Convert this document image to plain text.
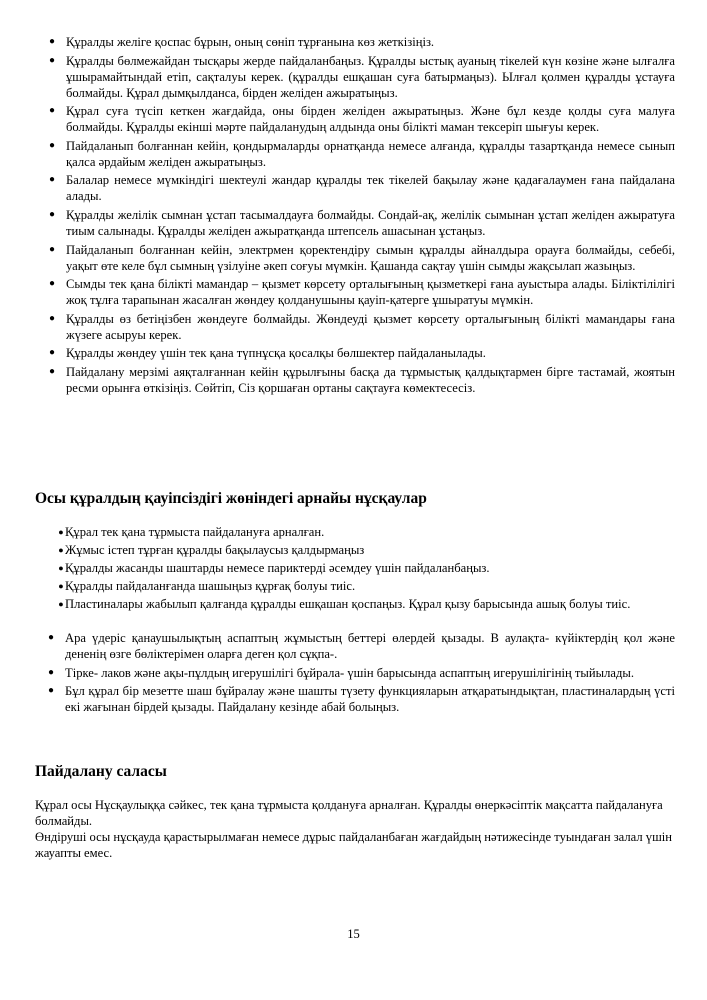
● Құралды желіге қоспас бұрын, оның сөніп тұрғанына көз жеткізіңіз.
● Құралды бөлмежайдан тысқары жерде пайдаланбаңыз. Құралды ыстық ауаның тікелей күн көзіне және ылғалға ұшырамайтындай етіп, сақталуы керек. (құралды ешқашан суға батырмаңыз). Ылғал қолмен құралды ұстауға болмайды. Құрал дымқылданса, бірден желіден ажыратыңыз.
● Құрал суға түсіп кеткен жағдайда, оны бірден желіден ажыратыңыз. Және бұл кезде қолды суға малуға болмайды. Құралды екінші мәрте пайдаланудың алдында оны білікті маман тексеріп шығуы керек.
● Пайдаланып болғаннан кейін, қондырмаларды орнатқанда немесе алғанда, құралды тазартқанда немесе сынып қалса әрдайым желіден ажыратыңыз.
● Балалар немесе мүмкіндігі шектеулі жандар құралды тек тікелей бақылау және қадағалаумен ғана пайдалана алады.
● Құралды желілік сымнан ұстап тасымалдауға болмайды. Сондай-ақ, желілік сымынан ұстап желіден ажыратуға тиым салынады. Құралды желіден ажыратқанда штепсель ашасынан ұстаңыз.
● Пайдаланып болғаннан кейін, электрмен қоректендіру сымын құралды айналдыра орауға болмайды, себебі, уақыт өте келе бұл сымның үзілуіне әкеп соғуы мүмкін. Қашанда сақтау үшін сымды жақсылап жазыңыз.
● Сымды тек қана білікті мамандар – қызмет көрсету орталығының қызметкері ғана ауыстыра алады. Біліктілілігі жоқ тұлға тарапынан жасалған жөндеу қолданушыны қауіп-қатерге ұшыратуы мүмкін.
● Құралды өз бетіңізбен жөндеуге болмайды. Жөндеуді қызмет көрсету орталығының білікті мамандары ғана жүзеге асыруы керек.
● Құралды жөндеу үшін тек қана түпнұсқа қосалқы бөлшектер пайдаланылады.
● Пайдалану мерзімі аяқталғаннан кейін құрылғыны басқа да тұрмыстық қалдықтармен бірге тастамай, жоятын ресми орынға өткізіңіз. Сөйтіп, Сіз қоршаған ортаны сақтауға көмектесесіз.
Осы құралдың қауіпсіздігі жөніндегі арнайы нұсқаулар
● Құрал тек қана тұрмыста пайдалануға арналған.
● Жұмыс істеп тұрған құралды бақылаусыз қалдырмаңыз
● Құралды жасанды шаштарды немесе париктерді әсемдеу үшін пайдаланбаңыз.
● Құралды пайдаланғанда шашыңыз құрғақ болуы тиіс.
● Пластиналары жабылып қалғанда құралды ешқашан қоспаңыз. Құрал қызу барысында ашық болуы тиіс.
● Ара үдеріс қанаушылықтың аспаптың жұмыстың беттері өлердей қызады. В аулақта- күйіктердің қол және дененің өзге бөліктерімен оларға деген қол сұқпа-.
● Тірке- лаков және ақы-пұлдың игерушілігі бұйрала- үшін барысында аспаптың игерушілігінің тыйылады.
● Бұл құрал бір мезетте шаш бұйралау және шашты түзету функцияларын атқаратындықтан, пластиналардың үсті екі жағынан бірдей қызады. Пайдалану кезінде абай болыңыз.
Пайдалану саласы

Құрал осы Нұсқаулыққа сәйкес, тек қана тұрмыста қолдануға арналған. Құралды өнеркәсіптік мақсатта пайдалануға болмайды.

Өндіруші осы нұсқауда қарастырылмаған немесе дұрыс пайдаланбаған жағдайдың нәтижесінде туындаған залал үшін жауапты емес.

15
